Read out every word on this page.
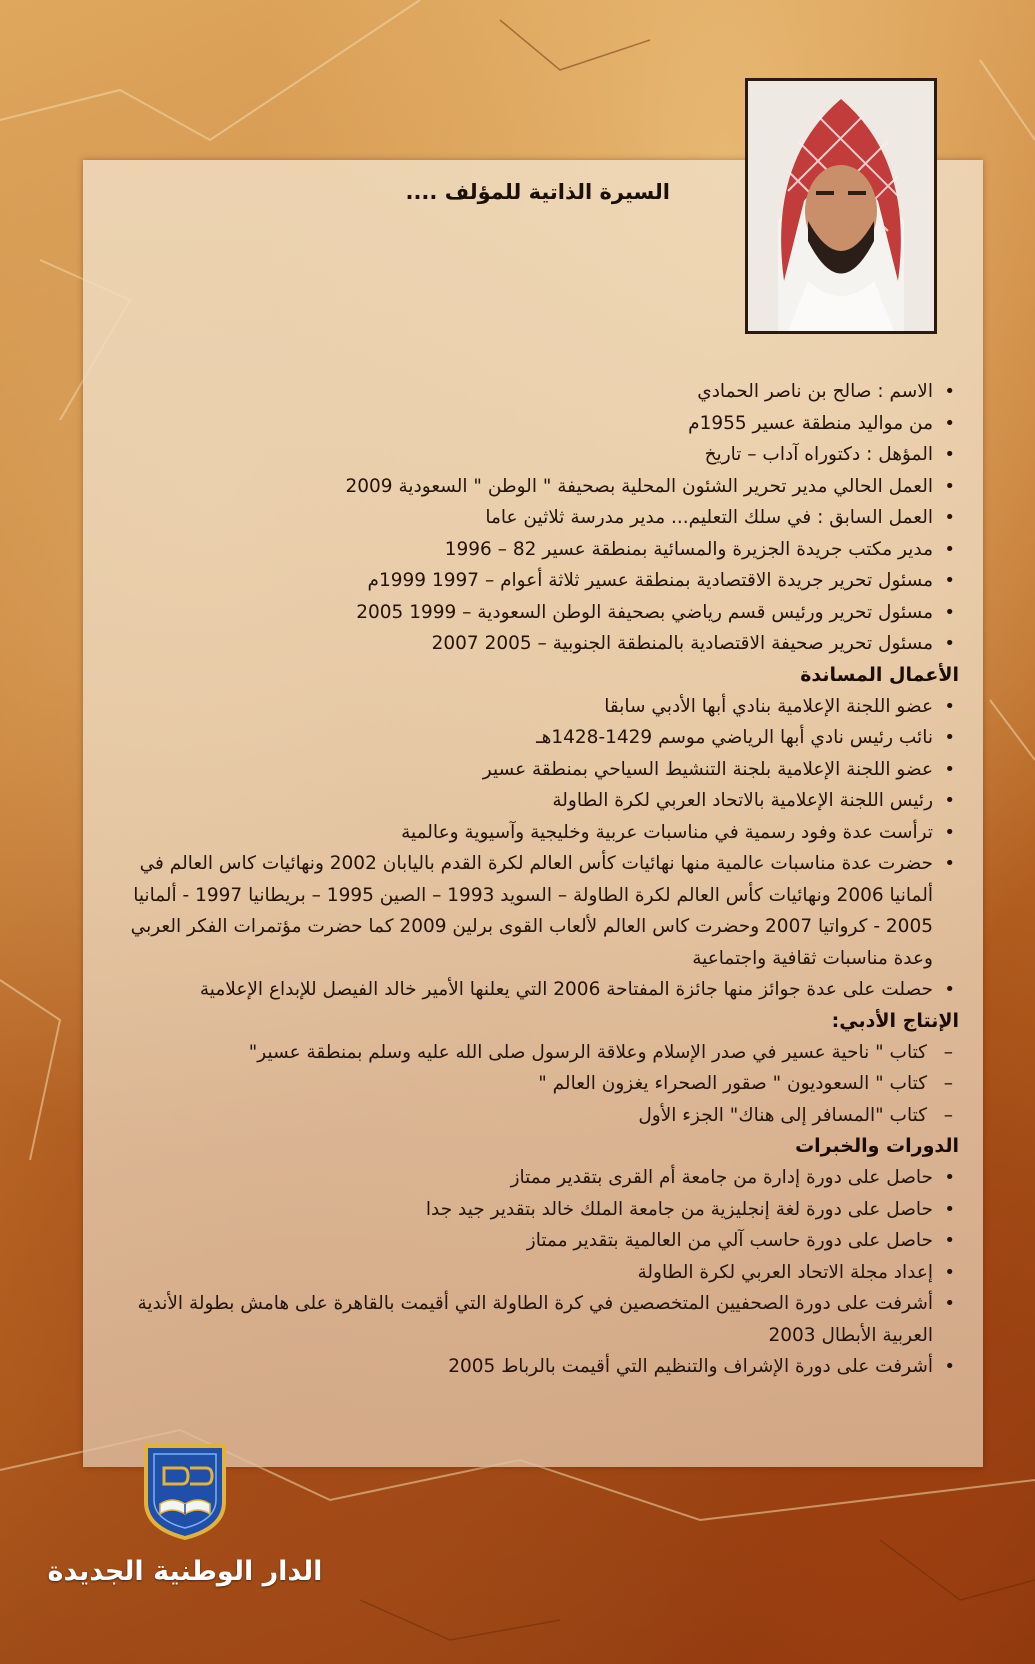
السيرة الذاتية للمؤلف ....
• الاسم : صالح بن ناصر الحمادي
• من مواليد منطقة عسير 1955م
• المؤهل : دكتوراه آداب – تاريخ
• العمل الحالي مدير تحرير الشئون المحلية بصحيفة " الوطن " السعودية 2009
• العمل السابق : في سلك التعليم... مدير مدرسة ثلاثين عاما
• مدير مكتب جريدة الجزيرة والمسائية بمنطقة عسير 82 – 1996
• مسئول تحرير جريدة الاقتصادية بمنطقة عسير ثلاثة أعوام – 1997 1999م
• مسئول تحرير ورئيس قسم رياضي بصحيفة الوطن السعودية – 1999 2005
• مسئول تحرير صحيفة الاقتصادية بالمنطقة الجنوبية – 2005 2007
الأعمال المساندة
• عضو اللجنة الإعلامية بنادي أبها الأدبي سابقا
• نائب رئيس نادي أبها الرياضي موسم 1429-1428هـ
• عضو اللجنة الإعلامية بلجنة التنشيط السياحي بمنطقة عسير
• رئيس اللجنة الإعلامية بالاتحاد العربي لكرة الطاولة
• ترأست عدة وفود رسمية في مناسبات عربية وخليجية وآسيوية وعالمية
• حضرت عدة مناسبات عالمية منها نهائيات كأس العالم لكرة القدم باليابان 2002 ونهائيات كاس العالم في ألمانيا 2006 ونهائيات كأس العالم لكرة الطاولة – السويد 1993 – الصين 1995 – بريطانيا 1997 - ألمانيا 2005 - كرواتيا 2007 وحضرت كاس العالم لألعاب القوى برلين 2009 كما حضرت مؤتمرات الفكر العربي وعدة مناسبات ثقافية واجتماعية
• حصلت على عدة جوائز منها جائزة المفتاحة 2006 التي يعلنها الأمير خالد الفيصل للإبداع الإعلامية
الإنتاج الأدبي:
– كتاب " ناحية عسير في صدر الإسلام وعلاقة الرسول صلى الله عليه وسلم بمنطقة عسير"
– كتاب " السعوديون " صقور الصحراء يغزون العالم "
– كتاب "المسافر إلى هناك" الجزء الأول
الدورات والخبرات
• حاصل على دورة إدارة من جامعة أم القرى بتقدير ممتاز
• حاصل على دورة لغة إنجليزية من جامعة الملك خالد بتقدير جيد جدا
• حاصل على دورة حاسب آلي من العالمية بتقدير ممتاز
• إعداد مجلة الاتحاد العربي لكرة الطاولة
• أشرفت على دورة الصحفيين المتخصصين في كرة الطاولة التي أقيمت بالقاهرة على هامش بطولة الأندية العربية الأبطال 2003
• أشرفت على دورة الإشراف والتنظيم التي أقيمت بالرباط 2005
الدار الوطنية الجديدة
